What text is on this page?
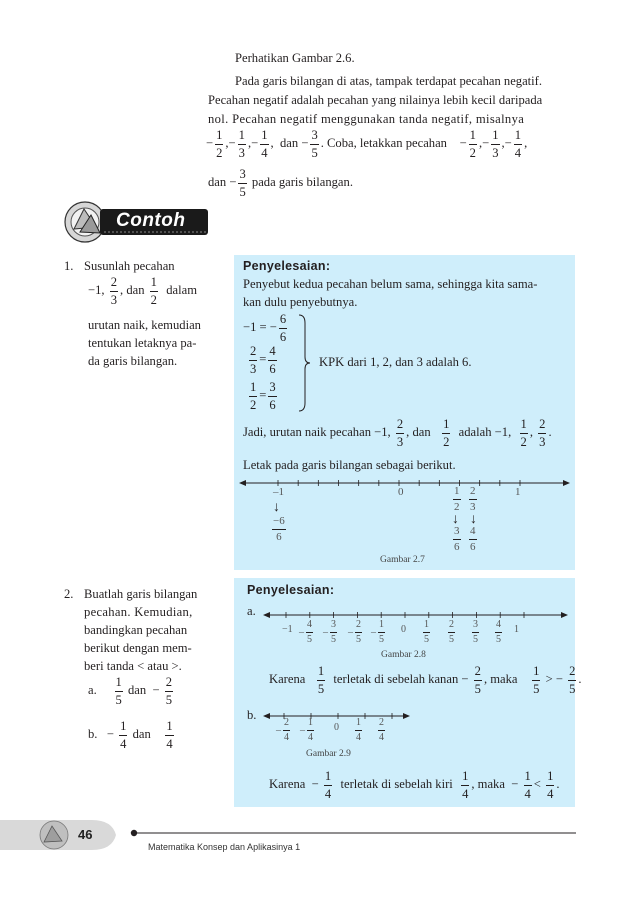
Perhatikan Gambar 2.6.
Pada garis bilangan di atas, tampak terdapat pecahan negatif.
Pecahan negatif adalah pecahan yang nilainya lebih kecil daripada
nol. Pecahan negatif menggunakan tanda negatif, misalnya
− $\frac{1}{2}$ ,− $\frac{1}{3}$ ,− $\frac{1}{4}$ ,  dan − $\frac{3}{5}$ . Coba, letakkan pecahan − $\frac{1}{2}$ ,− $\frac{1}{3}$ ,− $\frac{1}{4}$ ,
dan − $\frac{3}{5}$ pada garis bilangan.
Contoh
1. Susunlah pecahan
−1, $\frac{2}{3}$ , dan $\frac{1}{2}$ dalam
urutan naik, kemudian
tentukan letaknya pa-
da garis bilangan.
Penyelesaian:
Penyebut kedua pecahan belum sama, sehingga kita sama-
kan dulu penyebutnya.
−1 = − $\frac{6}{6}$
$\frac{2}{3} = \frac{4}{6}$
$\frac{1}{2} = \frac{3}{6}$
KPK dari 1, 2, dan 3 adalah 6.
Jadi, urutan naik pecahan −1, $\frac{2}{3}$ , dan $\frac{1}{2}$ adalah −1, $\frac{1}{2}$ , $\frac{2}{3}$ .
Letak pada garis bilangan sebagai berikut.
–1	0	1
$\frac{1}{2} \frac{2}{3}$
↓
↓ ↓
$\frac{-6}{6}$	$\frac{3}{6} \frac{4}{6}$
Gambar 2.7
2. Buatlah garis bilangan
pecahan. Kemudian,
bandingkan pecahan
berikut dengan mem-
beri tanda < atau >.
a. $\frac{1}{5}$ dan − $\frac{2}{5}$
b. − $\frac{1}{4}$ dan $\frac{1}{4}$
Penyelesaian:
a.
$-1 - \frac{4}{5} - \frac{3}{5} - \frac{2}{5} - \frac{1}{5} 0 \frac{1}{5} \frac{2}{5} \frac{3}{5} \frac{4}{5} 1$
Gambar 2.8
Karena $\frac{1}{5}$ terletak di sebelah kanan − $\frac{2}{5}$ , maka $\frac{1}{5}$ > − $\frac{2}{5}$ .
b.
– $\frac{2}{4} - \frac{1}{4} 0 \frac{1}{4} \frac{2}{4}$
Gambar 2.9
Karena − $\frac{1}{4}$ terletak di sebelah kiri $\frac{1}{4}$ , maka − $\frac{1}{4} < \frac{1}{4}$ .
46
Matematika Konsep dan Aplikasinya 1
